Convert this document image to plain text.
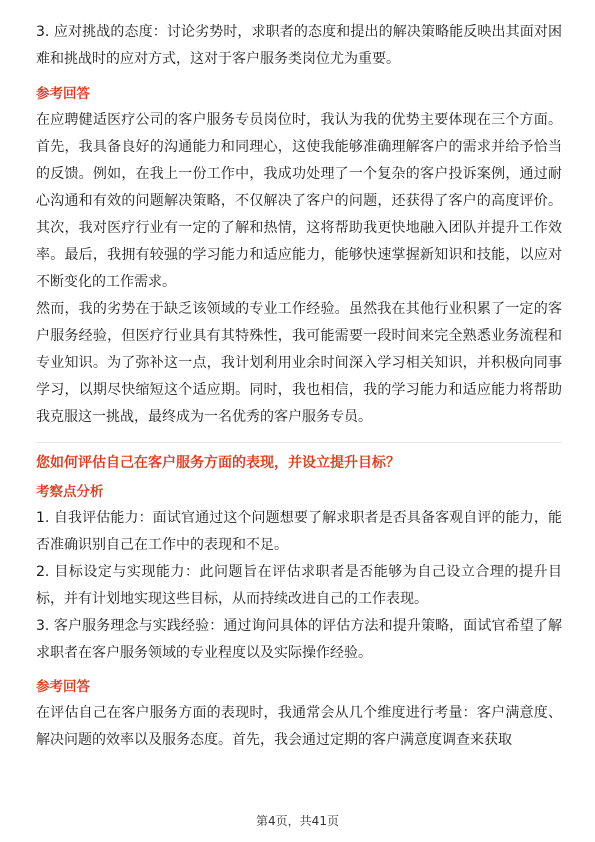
3. 应对挑战的态度：讨论劣势时，求职者的态度和提出的解决策略能反映出其面对困难和挑战时的应对方式，这对于客户服务类岗位尤为重要。

参考回答

在应聘健适医疗公司的客户服务专员岗位时，我认为我的优势主要体现在三个方面。首先，我具备良好的沟通能力和同理心，这使我能够准确理解客户的需求并给予恰当的反馈。例如，在我上一份工作中，我成功处理了一个复杂的客户投诉案例，通过耐心沟通和有效的问题解决策略，不仅解决了客户的问题，还获得了客户的高度评价。其次，我对医疗行业有一定的了解和热情，这将帮助我更快地融入团队并提升工作效率。最后，我拥有较强的学习能力和适应能力，能够快速掌握新知识和技能，以应对不断变化的工作需求。

然而，我的劣势在于缺乏该领域的专业工作经验。虽然我在其他行业积累了一定的客户服务经验，但医疗行业具有其特殊性，我可能需要一段时间来完全熟悉业务流程和专业知识。为了弥补这一点，我计划利用业余时间深入学习相关知识，并积极向同事学习，以期尽快缩短这个适应期。同时，我也相信，我的学习能力和适应能力将帮助我克服这一挑战，最终成为一名优秀的客户服务专员。

您如何评估自己在客户服务方面的表现，并设立提升目标？

考察点分析

1. 自我评估能力：面试官通过这个问题想要了解求职者是否具备客观自评的能力，能否准确识别自己在工作中的表现和不足。

2. 目标设定与实现能力：此问题旨在评估求职者是否能够为自己设立合理的提升目标，并有计划地实现这些目标，从而持续改进自己的工作表现。

3. 客户服务理念与实践经验：通过询问具体的评估方法和提升策略，面试官希望了解求职者在客户服务领域的专业程度以及实际操作经验。

参考回答

在评估自己在客户服务方面的表现时，我通常会从几个维度进行考量：客户满意度、解决问题的效率以及服务态度。首先，我会通过定期的客户满意度调查来获取

第4页，共41页
